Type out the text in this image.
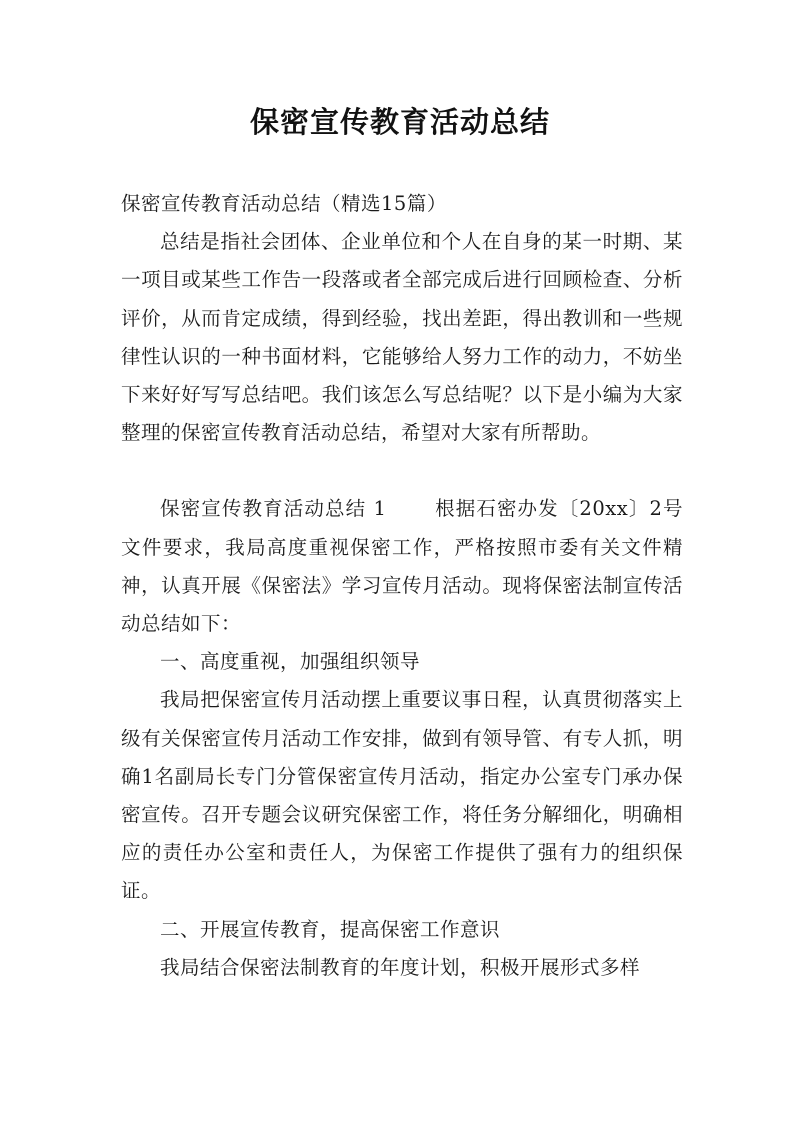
保密宣传教育活动总结

保密宣传教育活动总结（精选15篇）

总结是指社会团体、企业单位和个人在自身的某一时期、某一项目或某些工作告一段落或者全部完成后进行回顾检查、分析评价，从而肯定成绩，得到经验，找出差距，得出教训和一些规律性认识的一种书面材料，它能够给人努力工作的动力，不妨坐下来好好写写总结吧。我们该怎么写总结呢？以下是小编为大家整理的保密宣传教育活动总结，希望对大家有所帮助。

保密宣传教育活动总结 1 根据石密办发〔20xx〕2号文件要求，我局高度重视保密工作，严格按照市委有关文件精神，认真开展《保密法》学习宣传月活动。现将保密法制宣传活动总结如下：

一、高度重视，加强组织领导

我局把保密宣传月活动摆上重要议事日程，认真贯彻落实上级有关保密宣传月活动工作安排，做到有领导管、有专人抓，明确1名副局长专门分管保密宣传月活动，指定办公室专门承办保密宣传。召开专题会议研究保密工作，将任务分解细化，明确相应的责任办公室和责任人，为保密工作提供了强有力的组织保证。

二、开展宣传教育，提高保密工作意识

我局结合保密法制教育的年度计划，积极开展形式多样
